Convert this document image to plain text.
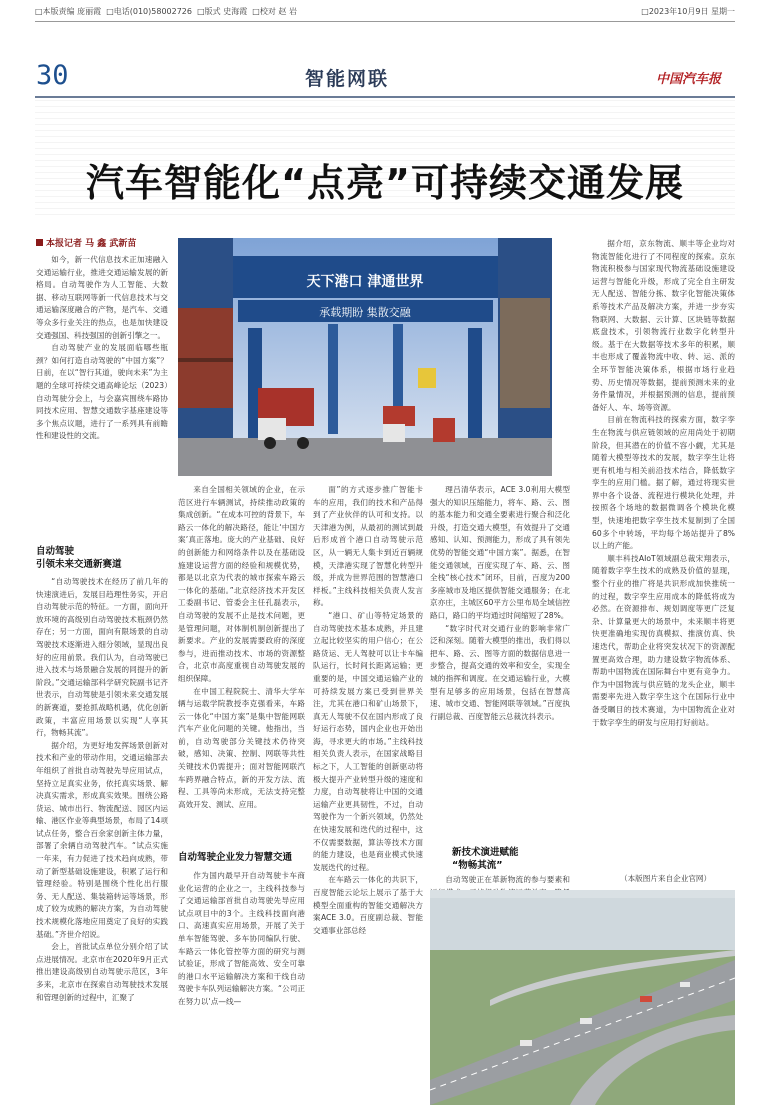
□本版责编 庞丽霞 □电话(010)58002726 □版式 史海霞 □校对 赵 岩	□2023年10月9日 星期一
30	智能网联	中国汽车报
汽车智能化“点亮”可持续交通发展
本报记者 马 鑫 武新苗
天下港口 津通世界
承载期盼 集散交融

如今，新一代信息技术正加速融入交通运输行业，推进交通运输发展的新格局。自动驾驶作为人工智能、大数据、移动互联网等新一代信息技术与交通运输深度融合的产物，是汽车、交通等众多行业关注的热点，也是加快建设交通强国、科技强国的创新引擎之一。

自动驾驶产业的发展面临哪些瓶颈？如何打造自动驾驶的“中国方案”？日前，在以“智行其道，驶向未来”为主题的全球可持续交通高峰论坛（2023）自动驾驶分会上，与会嘉宾围绕车路协同技术应用、智慧交通数字基座建设等多个焦点议题，进行了一系列具有前瞻性和建设性的交流。

自动驾驶
引领未来交通新赛道

“自动驾驶技术在经历了前几年的快速演进后，发展目趋理性务实，开启自动驾驶示范的特征。一方面，面向开放环境的高级别自动驾驶技术瓶颈仍然存在；另一方面，面向有限场景的自动驾驶技术逐渐进入细分领域，显现出良好的应用前景。我们认为，自动驾驶已进入技术与场景融合发展的同提升的新阶段。”交通运输部科学研究院副书记齐世表示，自动驾驶是引领未来交通发展的新赛道，要抢抓战略机遇，优化创新政策，丰富应用场景以实现“人享其行，物畅其流”。

据介绍，为更好地发挥场景创新对技术和产业的带动作用，交通运输部去年组织了首批自动驾驶先导应用试点，坚持立足真实业务，依托真实场景、解决真实需求，形成真实效果。围绕公路货运、城市出行、物流配送、园区内运输、港区作业等典型场景，布局了14项试点任务，整合百余家创新主体力量，部署了余辆自动驾驶汽车。“试点实施一年来，有力促进了技术趋向成熟，带动了新型基础设施建设，积累了运行和管理经验。特别是围绕个性化出行服务、无人配送、集装箱转运等场景，形成了较为成熟的解决方案，为自动驾驶技术规模化落地应用奠定了良好的实践基础。”齐世介绍说。

会上，首批试点单位分别介绍了试点进展情况。北京市在2020年9月正式推出建设高级别自动驾驶示范区，3年多来，北京市在探索自动驾驶技术发展和管理创新的过程中，汇聚了

来自全国相关领域的企业，在示范区进行车辆测试，持续推动政策的集成创新。“在成本可控的背景下，车路云一体化的解决路径，能让‘中国方案’真正落地。庞大的产业基础、良好的创新能力和网络条件以及在基础设施建设运营方面的经验和规模优势，都是以北京为代表的城市探索车路云一体化的基础。”北京经济技术开发区工委副书记、管委会主任孔磊表示，自动驾驶的发展不止是技术问题，更是管理问题，对体制机制创新提出了新要求。产业的发展需要政府的深度参与，进而推动技术、市场的资源整合，北京市高度重视自动驾驶发展的组织保障。

在中国工程院院士、清华大学车辆与运载学院教授李克强看来，车路云一体化“中国方案”是集中智能网联汽车产业化问题的关键。他指出，当前，自动驾驶部分关键技术仍待突破，感知、决策、控制、网联等共性关键技术仍需提升；面对智能网联汽车跨界融合特点，新的开发方法、流程、工具等尚未形成，无法支持完整高效开发、测试、应用。

自动驾驶企业发力智慧交通

作为国内最早开自动驾驶卡车商业化运营的企业之一，主线科技参与了交通运输部首批自动驾驶先导应用试点项目中的3个。主线科技面向港口、高速真实应用场景，开展了关于单车智能驾驶、多车协同编队行驶、车路云一体化管控等方面的研究与测试验证，形成了智能高效、安全可靠的港口水平运输解决方案和干线自动驾驶卡车队列运输解决方案。“公司正在努力以‘点—线—

面”的方式逐步推广智能卡车的应用，我们的技术和产品得到了产业伙伴的认可和支持。以天津港为例，从最初的测试到最后形成首个港口自动驾驶示范区，从一辆无人集卡到近百辆规模，天津港实现了智慧化转型升级，并成为世界范围的智慧港口样板。”主线科技相关负责人发言称。

“港口、矿山等特定场景的自动驾驶技术基本成熟，并且建立起比较坚实的用户信心；在公路货运、无人驾驶可以让卡车编队运行，长时间长距离运输；更重要的是，中国交通运输产业的可持续发展方案已受到世界关注，尤其在港口和矿山场景下，真无人驾驶不仅在国内形成了良好运行态势，国内企业也开始出海，寻求更大的市场。”主线科技相关负责人表示，在国家战略目标之下，人工智能的创新驱动将极大提升产业转型升级的速度和力度，自动驾驶将让中国的交通运输产业更具韧性，不过，自动驾驶作为一个新兴领域，仍然处在快速发展和迭代的过程中，这不仅需要数据，算法等技术方面的能力建设，也是商业模式快速发展迭代的过程。

在车路云一体化的共识下，百度智能云论坛上展示了基于大模型全面重构的智能交通解决方案ACE 3.0。百度副总裁、智能交通事业部总经

理吕清华表示，ACE 3.0利用大模型强大的知识压缩能力，将车、路、云、图的基本能力和交通全要素进行聚合和泛化升级，打造交通大模型，有效提升了交通感知、认知、预测能力，形成了具有领先优势的智能交通“中国方案”。据悉，在智能交通领域，百度实现了车、路、云、图全栈“核心技术”闭环，目前，百度为200多座城市及地区提供智能交通服务；在北京亦庄，主城区60平方公里布局全域信控路口，路口的平均通过时间缩短了28%。

“数字时代对交通行业的影响非常广泛和深刻。随着大模型的推出，我们得以把车、路、云、图等方面的数据信息进一步整合，提高交通的效率和安全，实现全城的指挥和调度。在交通运输行业，大模型有足够多的应用场景，包括在智慧高速、城市交通、智能网联等领域。”百度执行副总裁、百度智能云总裁沈抖表示。

新技术演进赋能
“物畅其流”

自动驾驶正在革新物流的参与要素和

据介绍，京东物流、顺丰等企业均对物流智能化进行了不同程度的探索。京东物流积极参与国家现代物流基础设施建设运营与智能化升级，形成了完全自主研发无人配送、智能分拣、数字化智能决策体系等技术产品及解决方案，并进一步夯实物联网、大数据、云计算、区块链等数据底盘技术，引领物流行业数字化转型升级。基于在大数据等技术多年的积累，顺丰也形成了覆盖物流中收、转、运、派的全环节智能决策体系，根据市场行业趋势、历史情况等数据，提前预测未来的业务件量情况，并根据预测的信息，提前预备好人、车、场等资源。

目前在物流科技的探索方面，数字孪生在物流与供应链领域的应用尚处于初期阶段，但其潜在的价值不容小觑，尤其是随着大模型等技术的发展，数字孪生让将更有机地与相关前沿技术结合，降低数字孪生的应用门槛。据了解，通过将现实世界中各个设备、流程进行模块化处理，并按照各个场地的数据微调各个模块化模型，快速地把数字孪生技术复制到了全国60多个中转场，平均每个场站提升了8%以上的产能。

顺丰科技AIoT领域副总裁宋翔表示，随着数字孪生技术的成熟及价值的显现，整个行业的推广将是共识形成加快推统一的过程，数字孪生应用成本的降低将成为必然。在资源排布、规划调度等更广泛复杂、计算量更大的场景中，未来顺丰将更快更准确地实现仿真模拟、推演仿真、快速迭代，帮助企业将突发状况下的资源配置更高效合理，助力建设数字物流体系、帮助中国物流在国际舞台中更有竞争力。作为中国物流与供应链的龙头企业，顺丰需要率先进入数字孪生这个在国际行业中备受瞩目的技术赛道，为中国物流企业对于数字孪生的研发与应用打好前站。

（本版图片来自企业官网）
